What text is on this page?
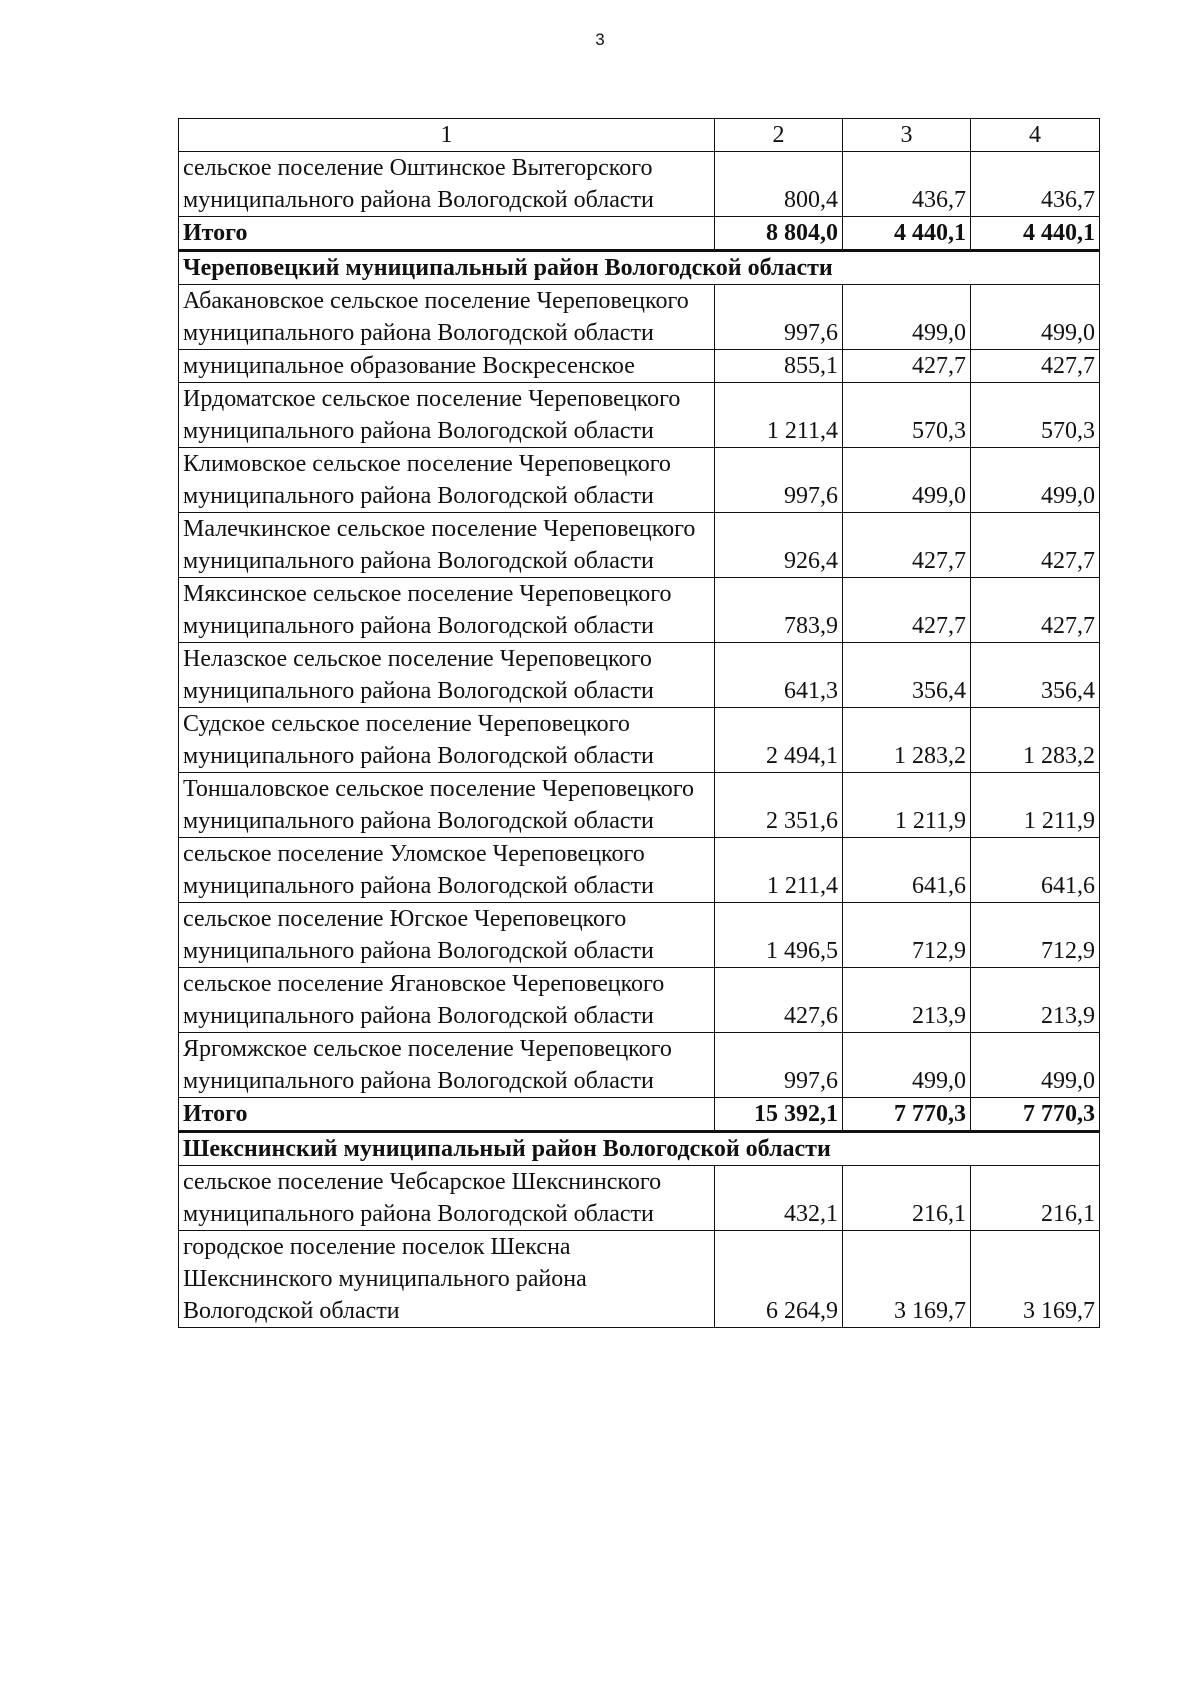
3
1	2	3	4
сельское поселение Оштинское Вытегорского муниципального района Вологодской области	800,4	436,7	436,7
Итого	8 804,0	4 440,1	4 440,1
Череповецкий муниципальный район Вологодской области			
Абакановское сельское поселение Череповецкого муниципального района Вологодской области	997,6	499,0	499,0
муниципальное образование Воскресенское	855,1	427,7	427,7
Ирдоматское сельское поселение Череповецкого муниципального района Вологодской области	1 211,4	570,3	570,3
Климовское сельское поселение Череповецкого муниципального района Вологодской области	997,6	499,0	499,0
Малечкинское сельское поселение Череповецкого муниципального района Вологодской области	926,4	427,7	427,7
Мяксинское сельское поселение Череповецкого муниципального района Вологодской области	783,9	427,7	427,7
Нелазское сельское поселение Череповецкого муниципального района Вологодской области	641,3	356,4	356,4
Судское сельское поселение Череповецкого муниципального района Вологодской области	2 494,1	1 283,2	1 283,2
Тоншаловское сельское поселение Череповецкого муниципального района Вологодской области	2 351,6	1 211,9	1 211,9
сельское поселение Уломское Череповецкого муниципального района Вологодской области	1 211,4	641,6	641,6
сельское поселение Югское Череповецкого муниципального района Вологодской области	1 496,5	712,9	712,9
сельское поселение Ягановское Череповецкого муниципального района Вологодской области	427,6	213,9	213,9
Яргомжское сельское поселение Череповецкого муниципального района Вологодской области	997,6	499,0	499,0
Итого	15 392,1	7 770,3	7 770,3
Шекснинский муниципальный район Вологодской области			
сельское поселение Чебсарское Шекснинского муниципального района Вологодской области	432,1	216,1	216,1
городское поселение поселок Шексна Шекснинского муниципального района Вологодской области	6 264,9	3 169,7	3 169,7
